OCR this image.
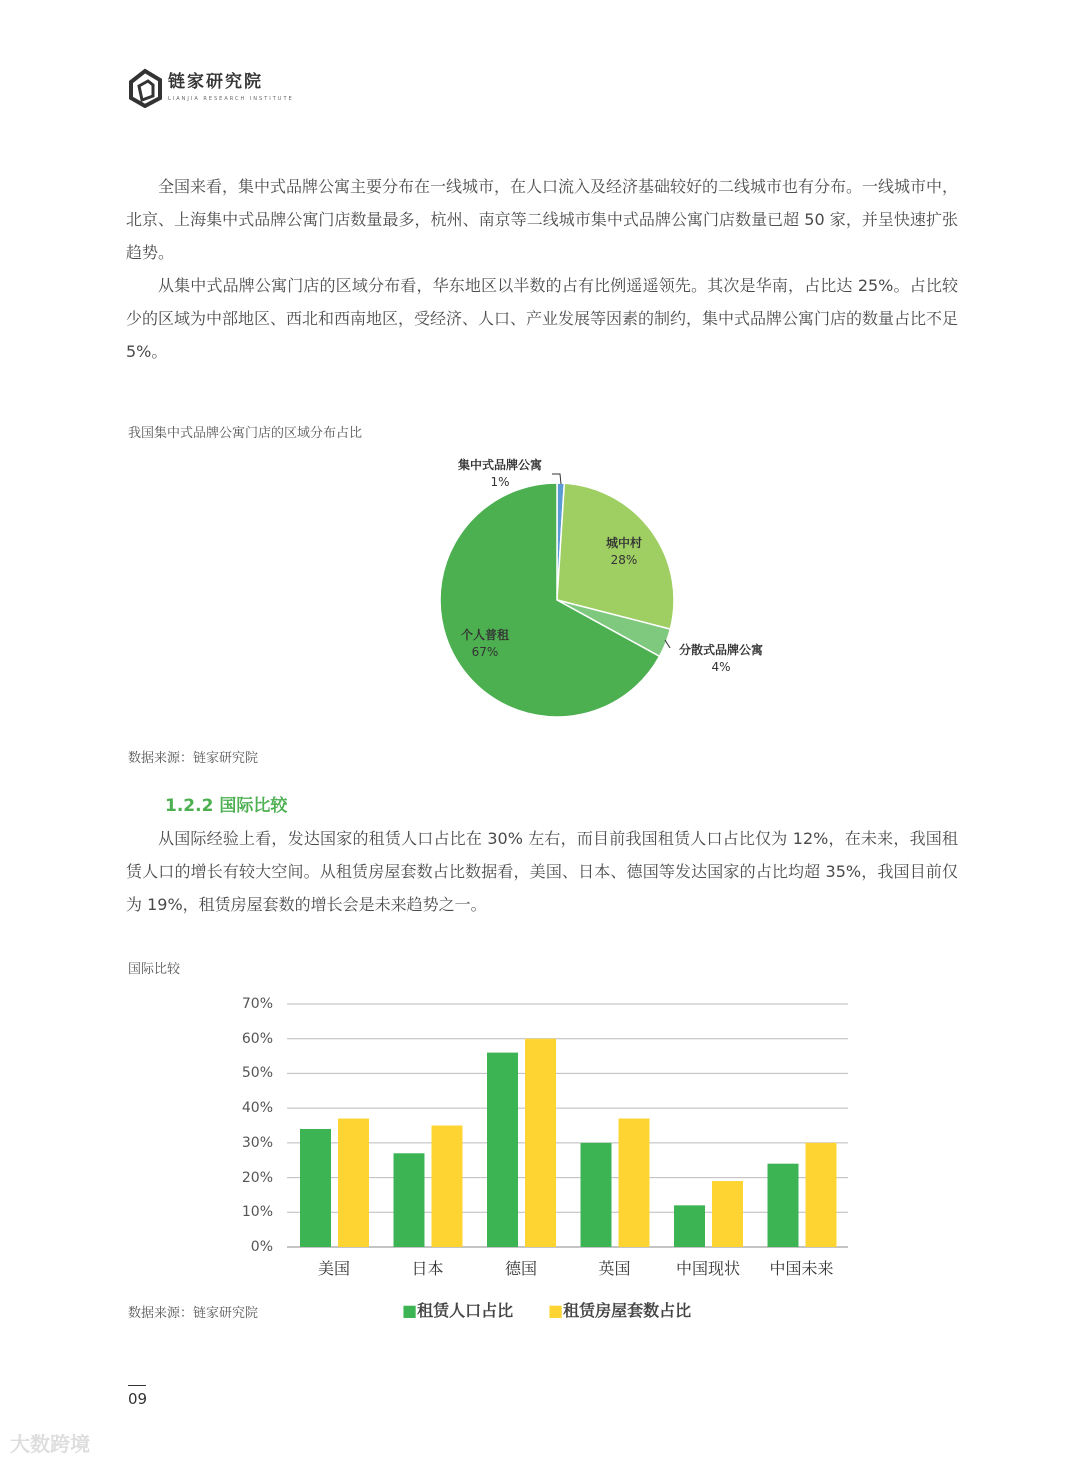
链家研究院
LIANJIA RESEARCH INSTITUTE

全国来看，集中式品牌公寓主要分布在一线城市，在人口流入及经济基础较好的二线城市也有分布。一线城市中，北京、上海集中式品牌公寓门店数量最多，杭州、南京等二线城市集中式品牌公寓门店数量已超 50 家，并呈快速扩张趋势。

从集中式品牌公寓门店的区域分布看，华东地区以半数的占有比例遥遥领先。其次是华南，占比达 25%。占比较少的区域为中部地区、西北和西南地区，受经济、人口、产业发展等因素的制约，集中式品牌公寓门店的数量占比不足 5%。

我国集中式品牌公寓门店的区域分布占比
集中式品牌公寓
1%
城中村
28%
分散式品牌公寓
4%
个人普租
67%
数据来源：链家研究院
1.2.2 国际比较

从国际经验上看，发达国家的租赁人口占比在 30% 左右，而目前我国租赁人口占比仅为 12%，在未来，我国租赁人口的增长有较大空间。从租赁房屋套数占比数据看，美国、日本、德国等发达国家的占比均超 35%，我国目前仅为 19%，租赁房屋套数的增长会是未来趋势之一。

国际比较
0%
10%
20%
30%
40%
50%
60%
70%
美国	日本	德国	英国	中国现状	中国未来
■租赁人口占比 ■租赁房屋套数占比
数据来源：链家研究院
09
大数跨境
